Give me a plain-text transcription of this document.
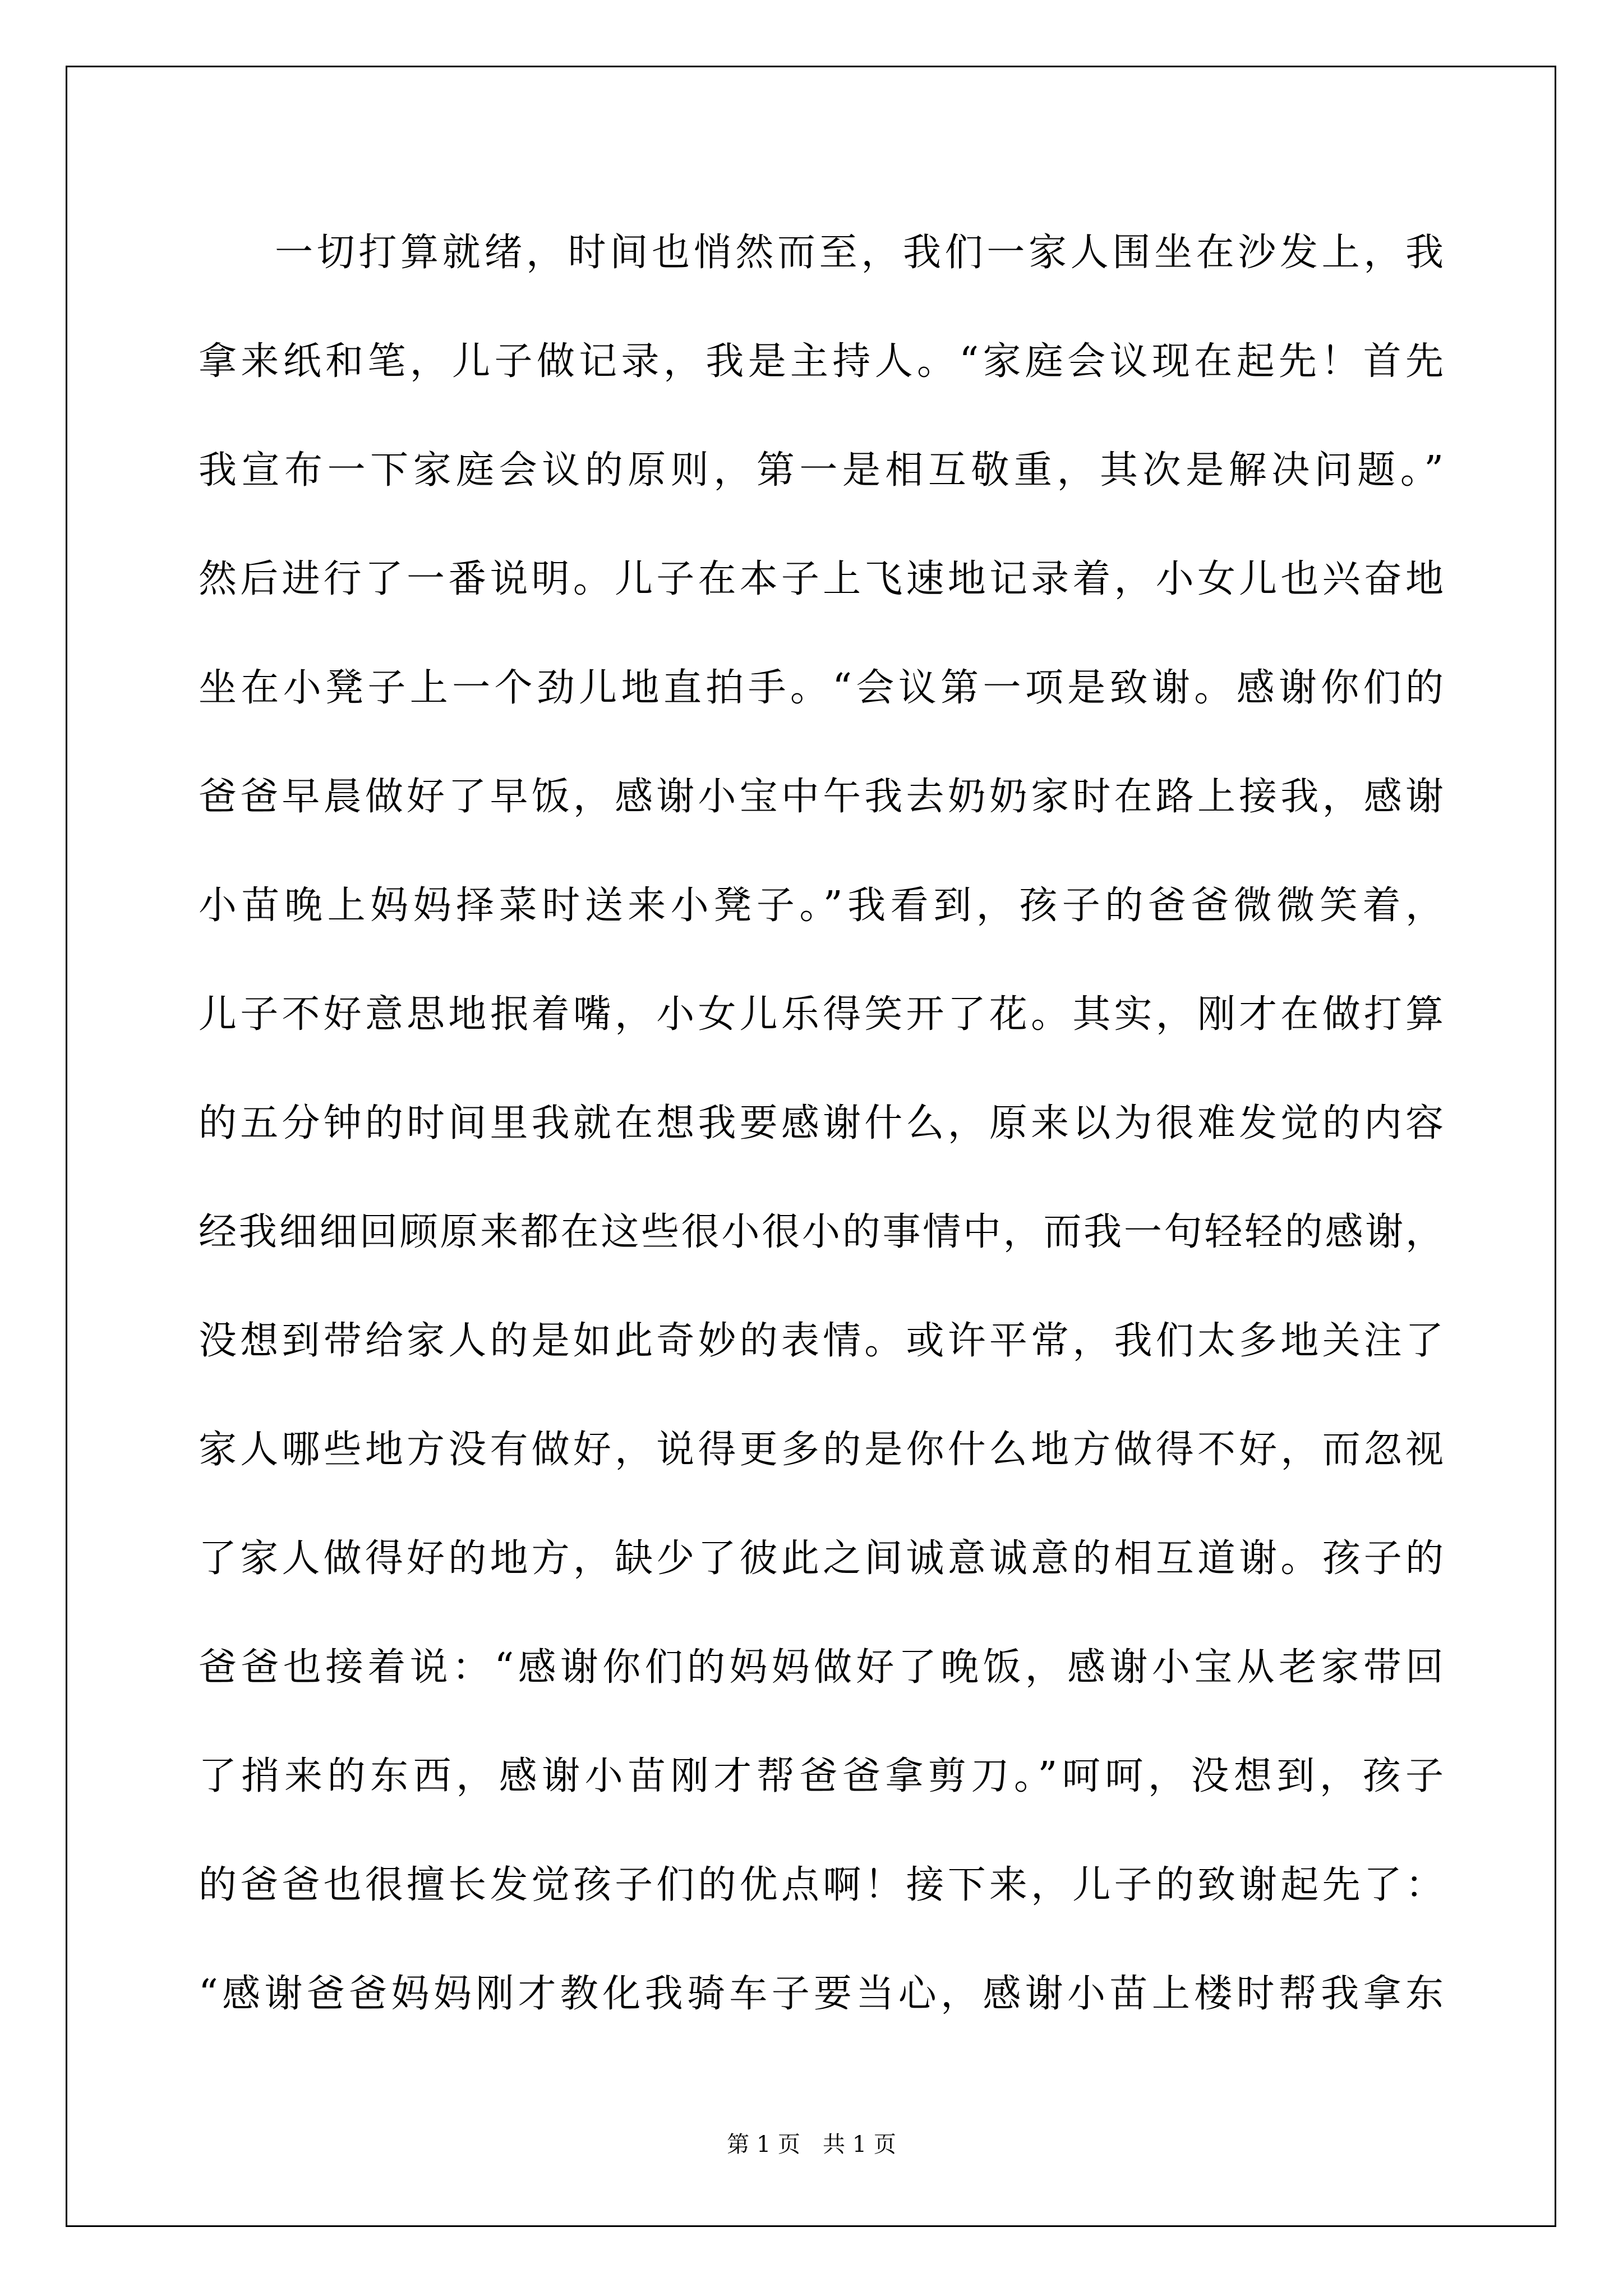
一切打算就绪，时间也悄然而至，我们一家人围坐在沙发上，我
拿来纸和笔，儿子做记录，我是主持人。“家庭会议现在起先！首先
我宣布一下家庭会议的原则，第一是相互敬重，其次是解决问题。”
然后进行了一番说明。儿子在本子上飞速地记录着，小女儿也兴奋地
坐在小凳子上一个劲儿地直拍手。“会议第一项是致谢。感谢你们的
爸爸早晨做好了早饭，感谢小宝中午我去奶奶家时在路上接我，感谢
小苗晚上妈妈择菜时送来小凳子。”我看到，孩子的爸爸微微笑着，
儿子不好意思地抿着嘴，小女儿乐得笑开了花。其实，刚才在做打算
的五分钟的时间里我就在想我要感谢什么，原来以为很难发觉的内容
经我细细回顾原来都在这些很小很小的事情中，而我一句轻轻的感谢，
没想到带给家人的是如此奇妙的表情。或许平常，我们太多地关注了
家人哪些地方没有做好，说得更多的是你什么地方做得不好，而忽视
了家人做得好的地方，缺少了彼此之间诚意诚意的相互道谢。孩子的
爸爸也接着说：“感谢你们的妈妈做好了晚饭，感谢小宝从老家带回
了捎来的东西，感谢小苗刚才帮爸爸拿剪刀。”呵呵，没想到，孩子
的爸爸也很擅长发觉孩子们的优点啊！接下来，儿子的致谢起先了：
“感谢爸爸妈妈刚才教化我骑车子要当心，感谢小苗上楼时帮我拿东
第 1 页　共 1 页
